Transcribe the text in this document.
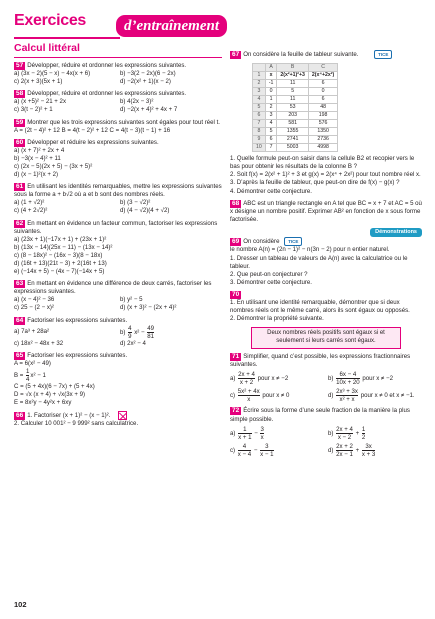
Exercices	d’entraînement
Calcul littéral
57 Développer, réduire et ordonner les expressions suivantes.
a) (3x − 2)(5 − x) − 4x(x + 6)	b) −3(2 − 2x)(6 − 2x)
c) 2(x + 3)(5x + 1)	d) −2(x² + 1)(x − 2)
58 Développer, réduire et ordonner les expressions suivantes.
a) (x +5)² − 21 + 2x	b) 4(2x − 3)²
c) 3(t − 2)² + 1	d) −2(x + 4)² + 4x + 7
59 Montrer que les trois expressions suivantes sont égales pour tout réel t.
A = (2t − 4)² + 12 B = 4(t − 2)² + 12 C = 4(t − 3)(t − 1) + 16
60 Développer et réduire les expressions suivantes.
a) (x + 7)² + 2x + 4
b) −3(x − 4)² + 11
c) (2x − 5)(2x + 5) − (3x + 5)²
d) (x − 1)²(x + 2)
61 En utilisant les identités remarquables, mettre les expressions suivantes sous la forme a + b√2 où a et b sont des nombres réels.
a) (1 + √2)²	b) (3 − √2)²
c) (4 + 2√2)²	d) (4 − √2)(4 + √2)
62 En mettant en évidence un facteur commun, factoriser les expressions suivantes.
a) (23x + 1)(−17x + 1) + (23x + 1)²
b) (13x − 14)(25x − 11) − (13x − 14)²
c) (8 − 18x)² − (16x − 3)(8 − 18x)
d) (16t + 13)(21t − 3) + 2(16t + 13)
e) (−14x + 5) − (4x − 7)(−14x + 5)
63 En mettant en évidence une différence de deux carrés, factoriser les expressions suivantes.
a) (x − 4)² − 36	b) y² − 5
c) 25 − (2 − x)²	d) (x + 3)² − (2x + 4)²
64 Factoriser les expressions suivantes.
a) 7a³ + 28a²	$b) \frac{4}{9} x^2 - \frac{49}{81}$
c) 18x² − 48x + 32	d) 2x² − 4
65 Factoriser les expressions suivantes.
A = 6(x² − 49)
$B = \frac{1}{4} x^2 - 1$
C = (5 + 4x)(6 − 7x) + (5 + 4x)
D = √x (x + 4) + √x(3x + 9)
E = 8x²y − 4y²x + 6xy
66 1. Factoriser (x + 1)² − (x − 1)².
2. Calculer 10 001² − 9 999² sans calculatrice.
67 On considère la feuille de tableur suivante.	TICE
	A	B	C
1	x	2(x²+1)²+3	2(x⁴+2x²)
2	-1	11	6
3	0	5	0
4	1	11	6
5	2	53	48
6	3	203	198
7	4	581	576
8	5	1355	1350
9	6	2741	2736
10	7	5003	4998
1. Quelle formule peut-on saisir dans la cellule B2 et recopier vers le bas pour obtenir les résultats de la colonne B ?
2. Soit f(x) = 2(x² + 1)² + 3 et g(x) = 2(x⁴ + 2x²) pour tout nombre réel x.
3. D’après la feuille de tableur, que peut-on dire de f(x) − g(x) ?
4. Démontrer cette conjecture.
68 ABC est un triangle rectangle en A tel que BC = x + 7 et AC = 5 où x désigne un nombre positif. Exprimer AB² en fonction de x sous forme factorisée.
Démonstrations
69 On considère TICE
le nombre A(n) = (2n − 1)² − n(3n − 2) pour n entier naturel.
1. Dresser un tableau de valeurs de A(n) avec la calculatrice ou le tableur.
2. Que peut-on conjecturer ?
3. Démontrer cette conjecture.
70
1. En utilisant une identité remarquable, démontrer que si deux nombres réels ont le même carré, alors ils sont égaux ou opposés.
2. Démontrer la propriété suivante.
Deux nombres réels positifs sont égaux si et seulement si leurs carrés sont égaux.
71 Simplifier, quand c’est possible, les expressions fractionnaires suivantes.
$a) \frac{2x + 4}{x + 2}$ pour x ≠ −2	$b) \frac{6x - 4}{10x + 20}$ pour x ≠ −2
$c) \frac{\text{5x² + 4x}}{x}$ pour x ≠ 0	$d) \frac{\text{2x³ + 3x}}{\text{x² + x}}$ pour x ≠ 0 et x ≠ −1.
72 Écrire sous la forme d’une seule fraction de la manière la plus simple possible.
$a) \frac{1}{x + 1} - \frac{3}{x}$	$b) \frac{2x + 4}{x - 2} + \frac{1}{2}$
$c) \frac{4}{x - 4} - \frac{3}{x - 1}$	$d) \frac{2x + 2}{2x - 1} + \frac{3x}{x + 3}$
102
